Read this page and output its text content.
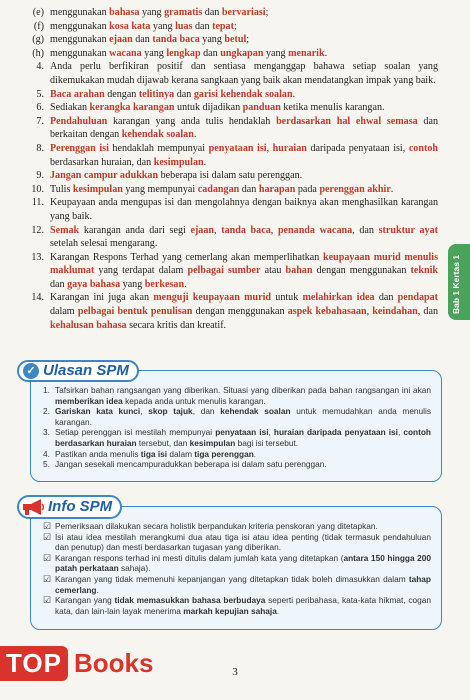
(e) menggunakan bahasa yang gramatis dan bervariasi;
(f) menggunakan kosa kata yang luas dan tepat;
(g) menggunakan ejaan dan tanda baca yang betul;
(h) menggunakan wacana yang lengkap dan ungkapan yang menarik.
4. Anda perlu berfikiran positif dan sentiasa menganggap bahawa setiap soalan yang dikemukakan mudah dijawab kerana sangkaan yang baik akan mendatangkan impak yang baik.
5. Baca arahan dengan telitinya dan garisi kehendak soalan.
6. Sediakan kerangka karangan untuk dijadikan panduan ketika menulis karangan.
7. Pendahuluan karangan yang anda tulis hendaklah berdasarkan hal ehwal semasa dan berkaitan dengan kehendak soalan.
8. Perenggan isi hendaklah mempunyai penyataan isi, huraian daripada penyataan isi, contoh berdasarkan huraian, dan kesimpulan.
9. Jangan campur adukkan beberapa isi dalam satu perenggan.
10. Tulis kesimpulan yang mempunyai cadangan dan harapan pada perenggan akhir.
11. Keupayaan anda mengupas isi dan mengolahnya dengan baiknya akan menghasilkan karangan yang baik.
12. Semak karangan anda dari segi ejaan, tanda baca, penanda wacana, dan struktur ayat setelah selesai mengarang.
13. Karangan Respons Terhad yang cemerlang akan memperlihatkan keupayaan murid menulis maklumat yang terdapat dalam pelbagai sumber atau bahan dengan menggunakan teknik dan gaya bahasa yang berkesan.
14. Karangan ini juga akan menguji keupayaan murid untuk melahirkan idea dan pendapat dalam pelbagai bentuk penulisan dengan menggunakan aspek kebahasaan, keindahan, dan kehalusan bahasa secara kritis dan kreatif.
Bab 1 Kertas 1
✓ Ulasan SPM
1. Tafsirkan bahan rangsangan yang diberikan. Situasi yang diberikan pada bahan rangsangan ini akan memberikan idea kepada anda untuk menulis karangan.
2. Gariskan kata kunci, skop tajuk, dan kehendak soalan untuk memudahkan anda menulis karangan.
3. Setiap perenggan isi mestilah mempunyai penyataan isi, huraian daripada penyataan isi, contoh berdasarkan huraian tersebut, dan kesimpulan bagi isi tersebut.
4. Pastikan anda menulis tiga isi dalam tiga perenggan.
5. Jangan sesekali mencampuradukkan beberapa isi dalam satu perenggan.
Info SPM
☑ Pemeriksaan dilakukan secara holistik berpandukan kriteria penskoran yang ditetapkan.
☑ Isi atau idea mestilah merangkumi dua atau tiga isi atau idea penting (tidak termasuk pendahuluan dan penutup) dan mesti berdasarkan tugasan yang diberikan.
☑ Karangan respons terhad ini mesti ditulis dalam jumlah kata yang ditetapkan (antara 150 hingga 200 patah perkataan sahaja).
☑ Karangan yang tidak memenuhi kepanjangan yang ditetapkan tidak boleh dimasukkan dalam tahap cemerlang.
☑ Karangan yang tidak memasukkan bahasa berbudaya seperti peribahasa, kata-kata hikmat, cogan kata, dan lain-lain layak menerima markah kepujian sahaja.
TOP Books	3
